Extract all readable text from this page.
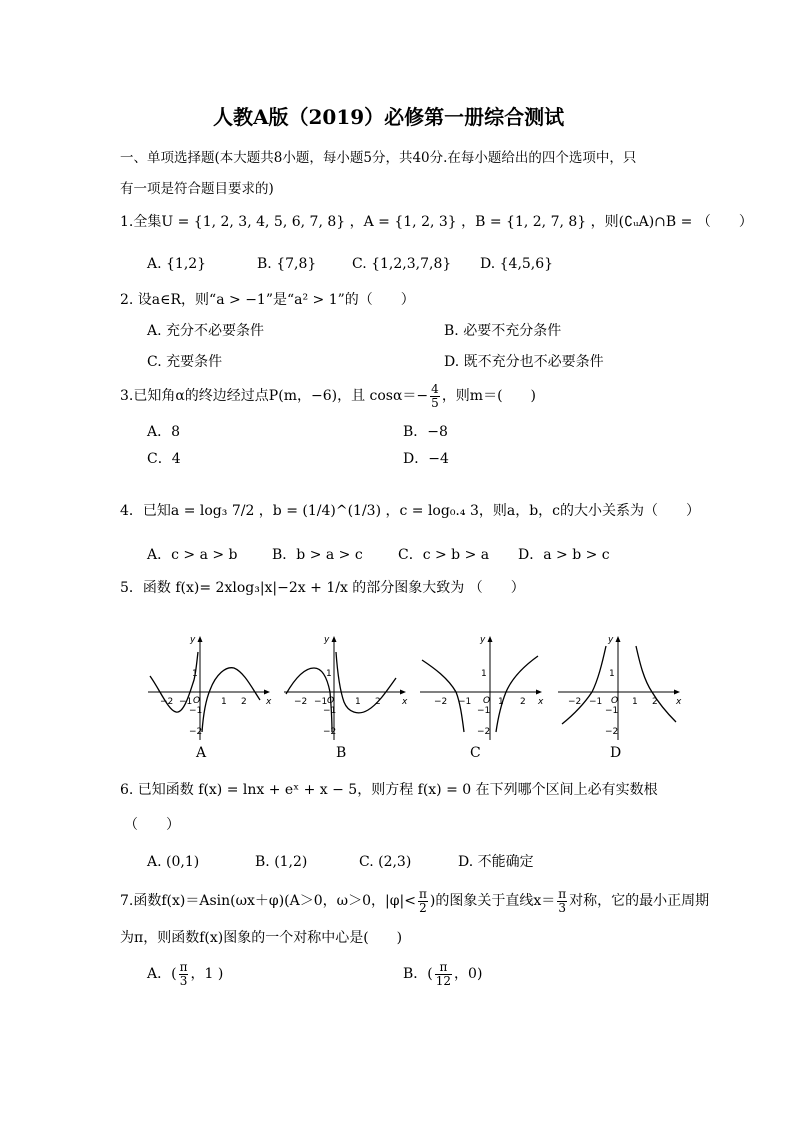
人教A版（2019）必修第一册综合测试
一、单项选择题(本大题共8小题，每小题5分，共40分.在每小题给出的四个选项中，只
有一项是符合题目要求的)
1.全集U = {1, 2, 3, 4, 5, 6, 7, 8} ，A = {1, 2, 3} ，B = {1, 2, 7, 8} ，则(∁ᵤA)∩B = （　　）
A. {1,2}	B. {7,8}	C. {1,2,3,7,8} D. {4,5,6}
2. 设a∈R，则“a > −1”是“a² > 1”的（　　）
A. 充分不必要条件	B. 必要不充分条件
C. 充要条件	D. 既不充分也不必要条件
3.已知角α的终边经过点P(m，−6)，且 $\cos\alpha=- \frac{4}{5}$ ，则m＝(　　)
A．8	B．−8
C．4	D．−4
4．已知a = log₃ 7/2 ，b = (1/4)^(1/3) ，c = log₀.₄ 3，则a，b，c的大小关系为（　　）
A．c > a > b B．b > a > c	C．c > b > a D．a > b > c
5．函数 f(x)= 2xlog₃|x|−2x + 1/x 的部分图象大致为 （　　）
x
y
O
−2 −1	1 2
1
−1
−2
A
x
y
O
−2 −1	1 2
1
−1
−2
B
x
y
O
−2 −1	1 2
1
−1
−2
C
x
y
O
−2 −1	1 2
1
−1
−2
D
6. 已知函数 f(x) = lnx + eˣ + x − 5，则方程 f(x) = 0 在下列哪个区间上必有实数根
（　　）
A. (0,1)	B. (1,2)	C. (2,3)	D. 不能确定
7.函数f(x)＝Asin(ωx＋φ)(A＞0，ω＞0，$|\varphi|< \frac{\pi}{2}$ )的图象关于直线$x= \frac{\pi}{3}$ 对称，它的最小正周期
为π，则函数f(x)图象的一个对称中心是(　　)
A．( $\frac{\pi}{3}$ ，1 )	B．( $\frac{\pi}{12}$ ，0)
